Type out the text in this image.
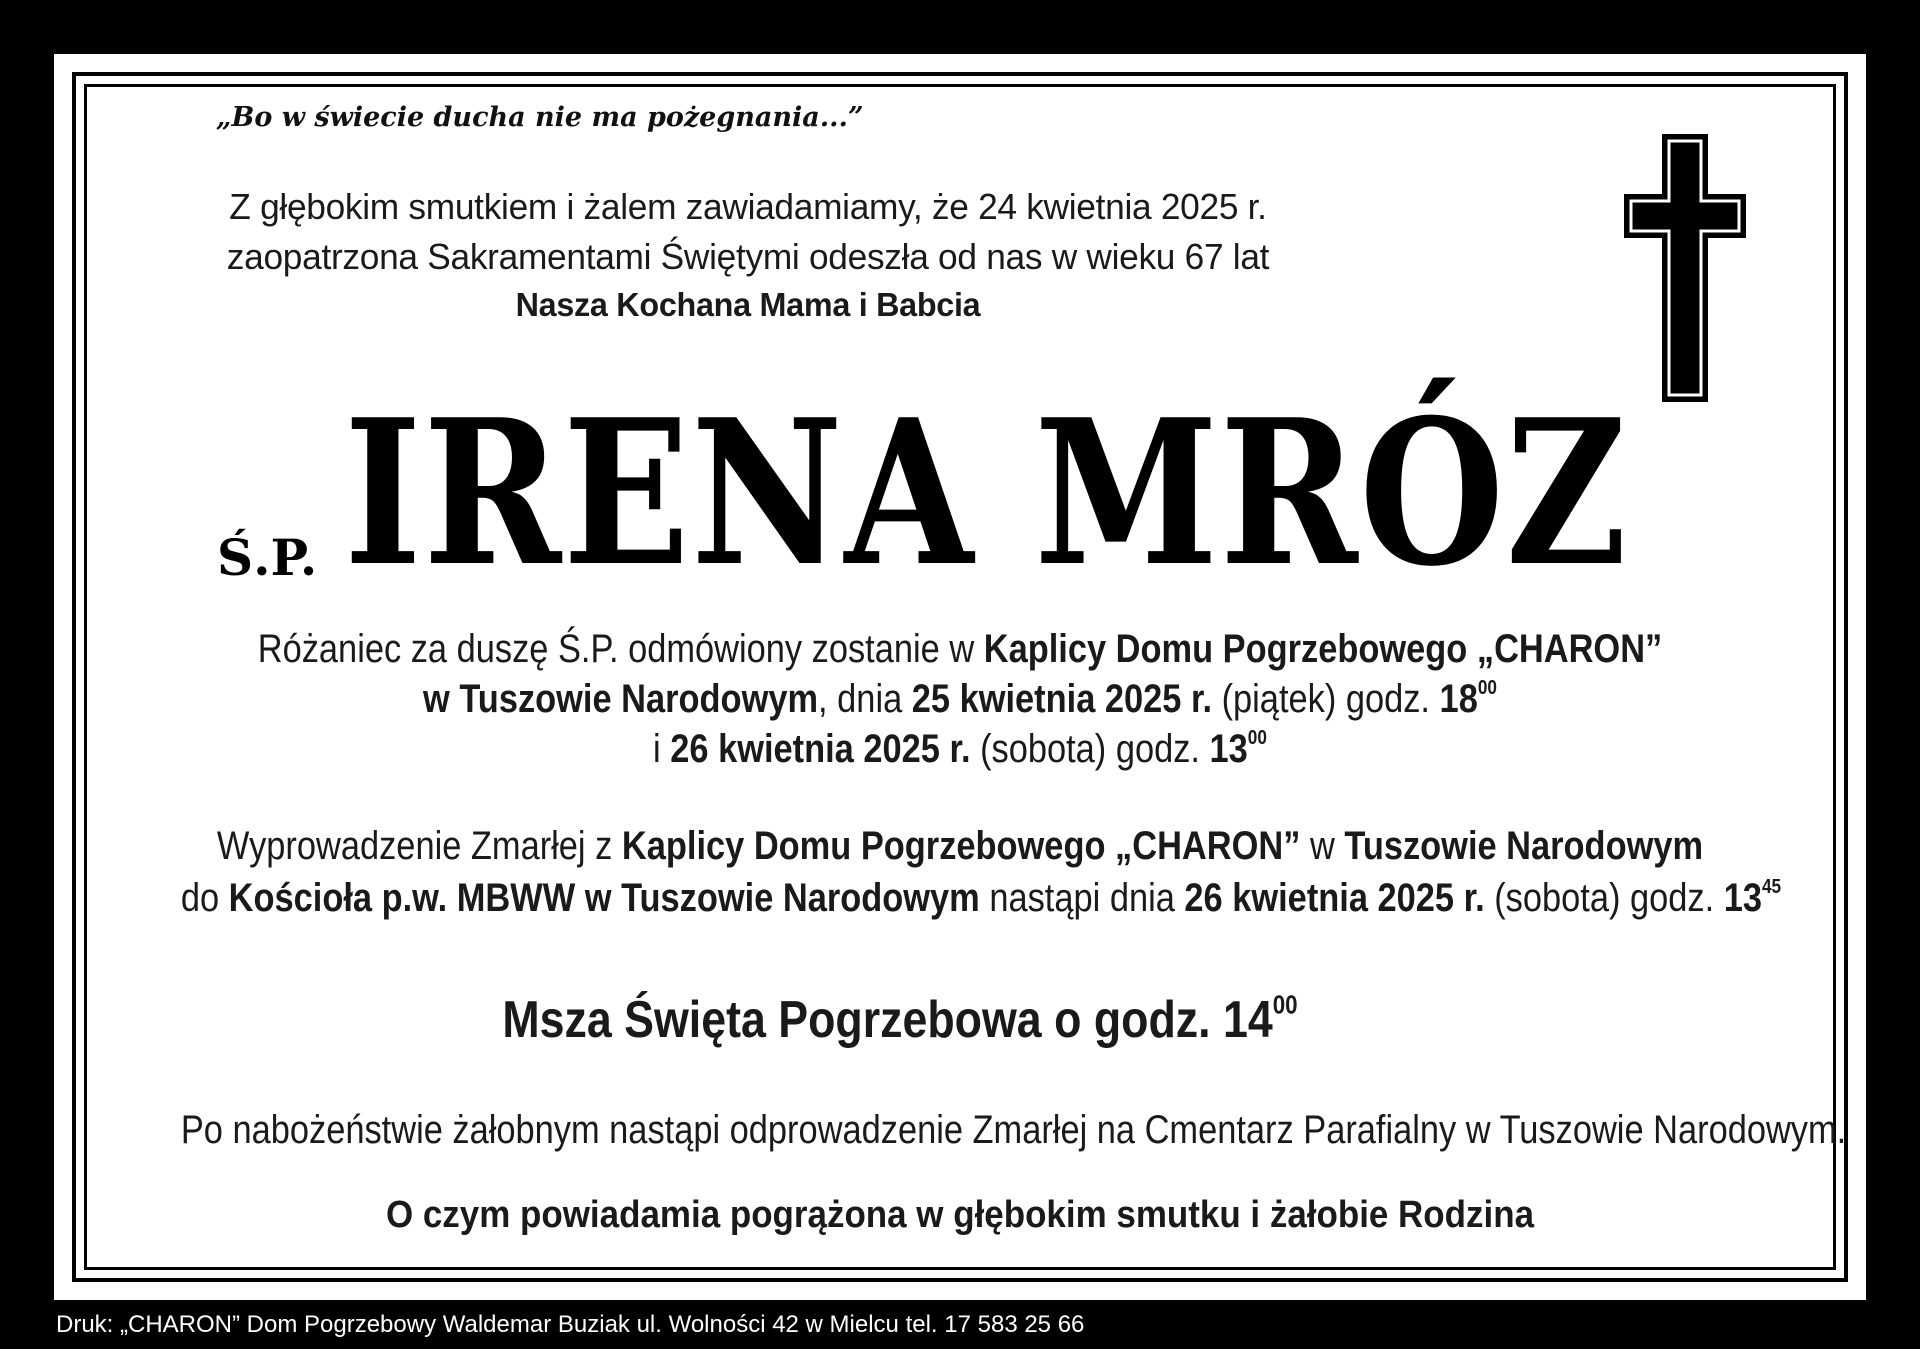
„Bo w świecie ducha nie ma pożegnania...”
Z głębokim smutkiem i żalem zawiadamiamy, że 24 kwietnia 2025 r.
zaopatrzona Sakramentami Świętymi odeszła od nas w wieku 67 lat
Nasza Kochana Mama i Babcia
Ś.P. IRENA MRÓZ
Różaniec za duszę Ś.P. odmówiony zostanie w Kaplicy Domu Pogrzebowego „CHARON”
w Tuszowie Narodowym, dnia 25 kwietnia 2025 r. (piątek) godz. $18^{00}$
i 26 kwietnia 2025 r. (sobota) godz. $13^{00}$
Wyprowadzenie Zmarłej z Kaplicy Domu Pogrzebowego „CHARON” w Tuszowie Narodowym
do Kościoła p.w. MBWW w Tuszowie Narodowym nastąpi dnia 26 kwietnia 2025 r. (sobota) godz. $13^{45}$
Msza Święta Pogrzebowa o godz. $14^{00}$
Po nabożeństwie żałobnym nastąpi odprowadzenie Zmarłej na Cmentarz Parafialny w Tuszowie Narodowym.
O czym powiadamia pogrążona w głębokim smutku i żałobie Rodzina
Druk: „CHARON” Dom Pogrzebowy Waldemar Buziak ul. Wolności 42 w Mielcu tel. 17 583 25 66
